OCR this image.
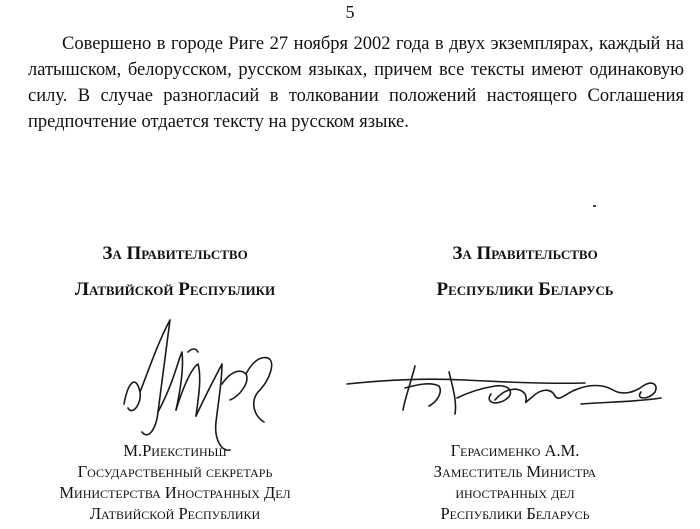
5

Совершено в городе Риге 27 ноября 2002 года в двух экземплярах, каждый на латышском, белорусском, русском языках, причем все тексты имеют одинаковую силу. В случае разногласий в толковании положений настоящего Соглашения предпочтение отдается тексту на русском языке.

За Правительство
Латвийской Республики
За Правительство
Республики Беларусь
М.Риекстиньш
Государственный секретарь
Министерства Иностранных Дел
Латвийской Республики
Герасименко А.М.
Заместитель Министра
иностранных дел
Республики Беларусь
